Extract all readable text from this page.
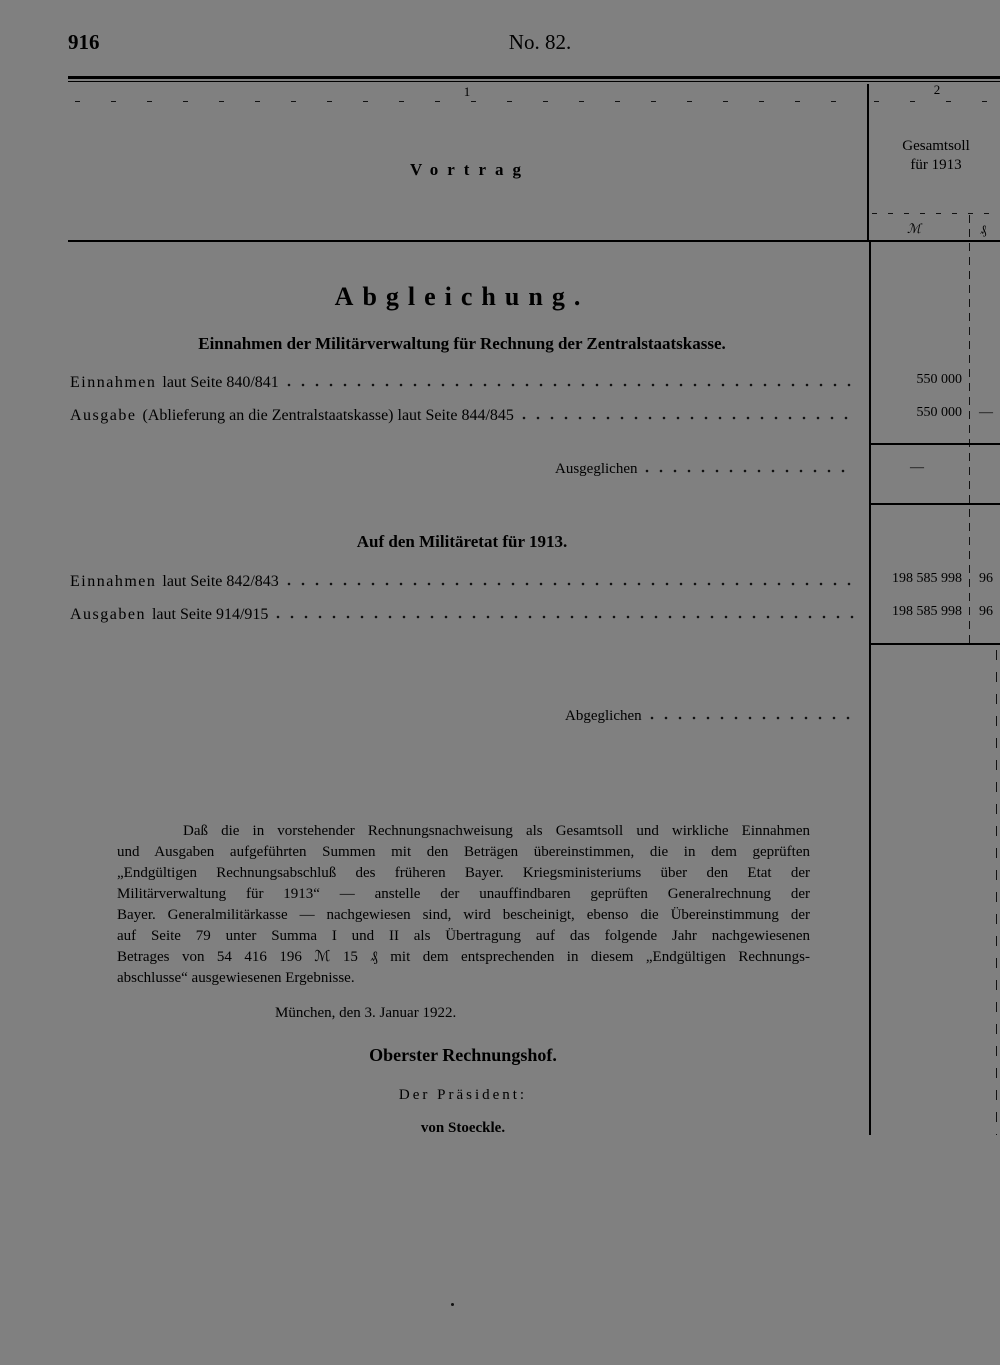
916	No. 82.
1	2
Vortrag
Gesamtsoll
für 1913
ℳ	₰
Abgleichung.
Einnahmen der Militärverwaltung für Rechnung der Zentralstaatskasse.
Einnahmen laut Seite 840/841	550 000
Ausgabe (Ablieferung an die Zentralstaatskasse) laut Seite 844/845	550 000	—
Ausgeglichen	—
Auf den Militäretat für 1913.
Einnahmen laut Seite 842/843	198 585 998	96
Ausgaben laut Seite 914/915	198 585 998	96
Abgeglichen
Daß die in vorstehender Rechnungsnachweisung als Gesamtsoll und wirkliche Einnahmen
und Ausgaben aufgeführten Summen mit den Beträgen übereinstimmen, die in dem geprüften
„Endgültigen Rechnungsabschluß des früheren Bayer. Kriegsministeriums über den Etat der
Militärverwaltung für 1913“ — anstelle der unauffindbaren geprüften Generalrechnung der
Bayer. Generalmilitärkasse — nachgewiesen sind, wird bescheinigt, ebenso die Übereinstimmung der
auf Seite 79 unter Summa I und II als Übertragung auf das folgende Jahr nachgewiesenen
Betrages von 54 416 196 ℳ 15 ₰ mit dem entsprechenden in diesem „Endgültigen Rechnungs-
abschlusse“ ausgewiesenen Ergebnisse.
München, den 3. Januar 1922.
Oberster Rechnungshof.
Der Präsident:
von Stoeckle.
